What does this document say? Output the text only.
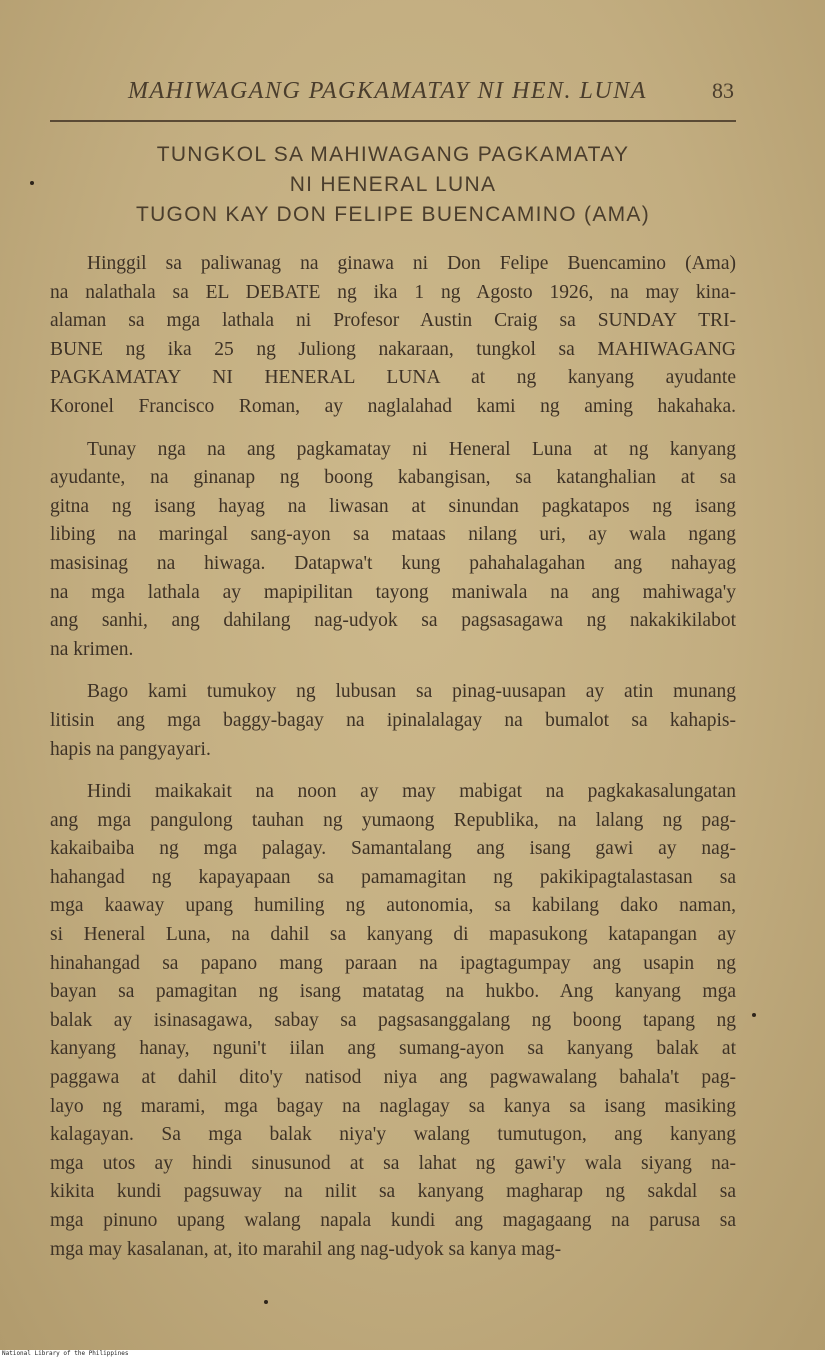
MAHIWAGANG PAGKAMATAY NI HEN. LUNA	83
TUNGKOL SA MAHIWAGANG PAGKAMATAY
NI HENERAL LUNA
TUGON KAY DON FELIPE BUENCAMINO (AMA)
Hinggil sa paliwanag na ginawa ni Don Felipe Buencamino (Ama)
na nalathala sa EL DEBATE ng ika 1 ng Agosto 1926, na may kina-
alaman sa mga lathala ni Profesor Austin Craig sa SUNDAY TRI-
BUNE ng ika 25 ng Juliong nakaraan, tungkol sa MAHIWAGANG
PAGKAMATAY NI HENERAL LUNA at ng kanyang ayudante
Koronel Francisco Roman, ay naglalahad kami ng aming hakahaka.
Tunay nga na ang pagkamatay ni Heneral Luna at ng kanyang
ayudante, na ginanap ng boong kabangisan, sa katanghalian at sa
gitna ng isang hayag na liwasan at sinundan pagkatapos ng isang
libing na maringal sang-ayon sa mataas nilang uri, ay wala ngang
masisinag na hiwaga. Datapwa't kung pahahalagahan ang nahayag
na mga lathala ay mapipilitan tayong maniwala na ang mahiwaga'y
ang sanhi, ang dahilang nag-udyok sa pagsasagawa ng nakakikilabot
na krimen.
Bago kami tumukoy ng lubusan sa pinag-uusapan ay atin munang
litisin ang mga baggy-bagay na ipinalalagay na bumalot sa kahapis-
hapis na pangyayari.
Hindi maikakait na noon ay may mabigat na pagkakasalungatan
ang mga pangulong tauhan ng yumaong Republika, na lalang ng pag-
kakaibaiba ng mga palagay. Samantalang ang isang gawi ay nag-
hahangad ng kapayapaan sa pamamagitan ng pakikipagtalastasan sa
mga kaaway upang humiling ng autonomia, sa kabilang dako naman,
si Heneral Luna, na dahil sa kanyang di mapasukong katapangan ay
hinahangad sa papano mang paraan na ipagtagumpay ang usapin ng
bayan sa pamagitan ng isang matatag na hukbo. Ang kanyang mga
balak ay isinasagawa, sabay sa pagsasanggalang ng boong tapang ng
kanyang hanay, nguni't iilan ang sumang-ayon sa kanyang balak at
paggawa at dahil dito'y natisod niya ang pagwawalang bahala't pag-
layo ng marami, mga bagay na naglagay sa kanya sa isang masiking
kalagayan. Sa mga balak niya'y walang tumutugon, ang kanyang
mga utos ay hindi sinusunod at sa lahat ng gawi'y wala siyang na-
kikita kundi pagsuway na nilit sa kanyang magharap ng sakdal sa
mga pinuno upang walang napala kundi ang magagaang na parusa sa
mga may kasalanan, at, ito marahil ang nag-udyok sa kanya mag-
National Library of the Philippines
